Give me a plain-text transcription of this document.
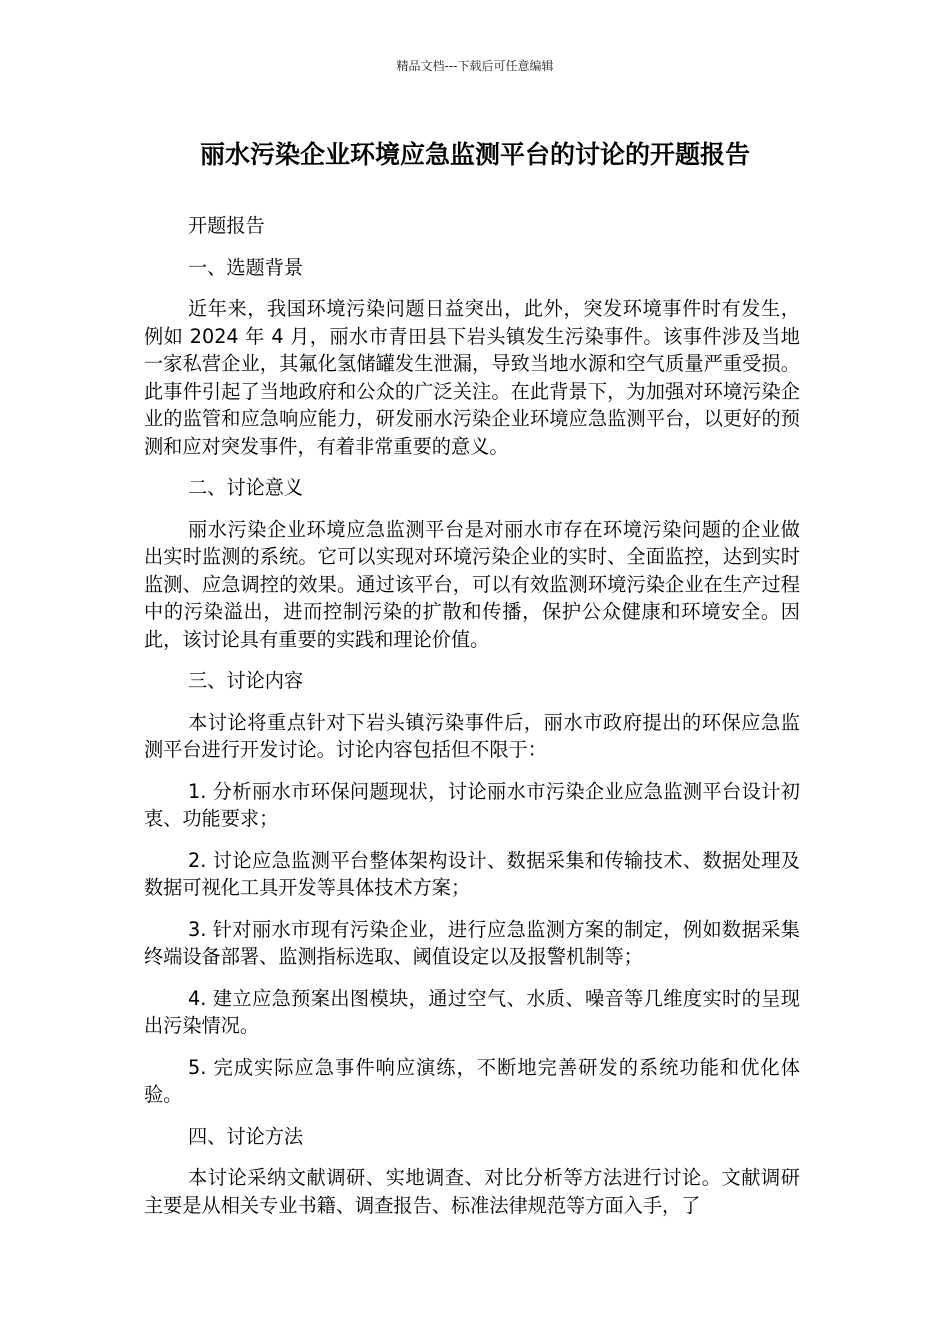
精品文档---下载后可任意编辑
丽水污染企业环境应急监测平台的讨论的开题报告

开题报告

一、选题背景

近年来，我国环境污染问题日益突出，此外，突发环境事件时有发生，例如 2024 年 4 月，丽水市青田县下岩头镇发生污染事件。该事件涉及当地一家私营企业，其氟化氢储罐发生泄漏，导致当地水源和空气质量严重受损。此事件引起了当地政府和公众的广泛关注。在此背景下，为加强对环境污染企业的监管和应急响应能力，研发丽水污染企业环境应急监测平台，以更好的预测和应对突发事件，有着非常重要的意义。

二、讨论意义

丽水污染企业环境应急监测平台是对丽水市存在环境污染问题的企业做出实时监测的系统。它可以实现对环境污染企业的实时、全面监控，达到实时监测、应急调控的效果。通过该平台，可以有效监测环境污染企业在生产过程中的污染溢出，进而控制污染的扩散和传播，保护公众健康和环境安全。因此，该讨论具有重要的实践和理论价值。

三、讨论内容

本讨论将重点针对下岩头镇污染事件后，丽水市政府提出的环保应急监测平台进行开发讨论。讨论内容包括但不限于：

1. 分析丽水市环保问题现状，讨论丽水市污染企业应急监测平台设计初衷、功能要求；

2. 讨论应急监测平台整体架构设计、数据采集和传输技术、数据处理及数据可视化工具开发等具体技术方案；

3. 针对丽水市现有污染企业，进行应急监测方案的制定，例如数据采集终端设备部署、监测指标选取、阈值设定以及报警机制等；

4. 建立应急预案出图模块，通过空气、水质、噪音等几维度实时的呈现出污染情况。

5. 完成实际应急事件响应演练，不断地完善研发的系统功能和优化体验。

四、讨论方法

本讨论采纳文献调研、实地调查、对比分析等方法进行讨论。文献调研主要是从相关专业书籍、调查报告、标准法律规范等方面入手，了
